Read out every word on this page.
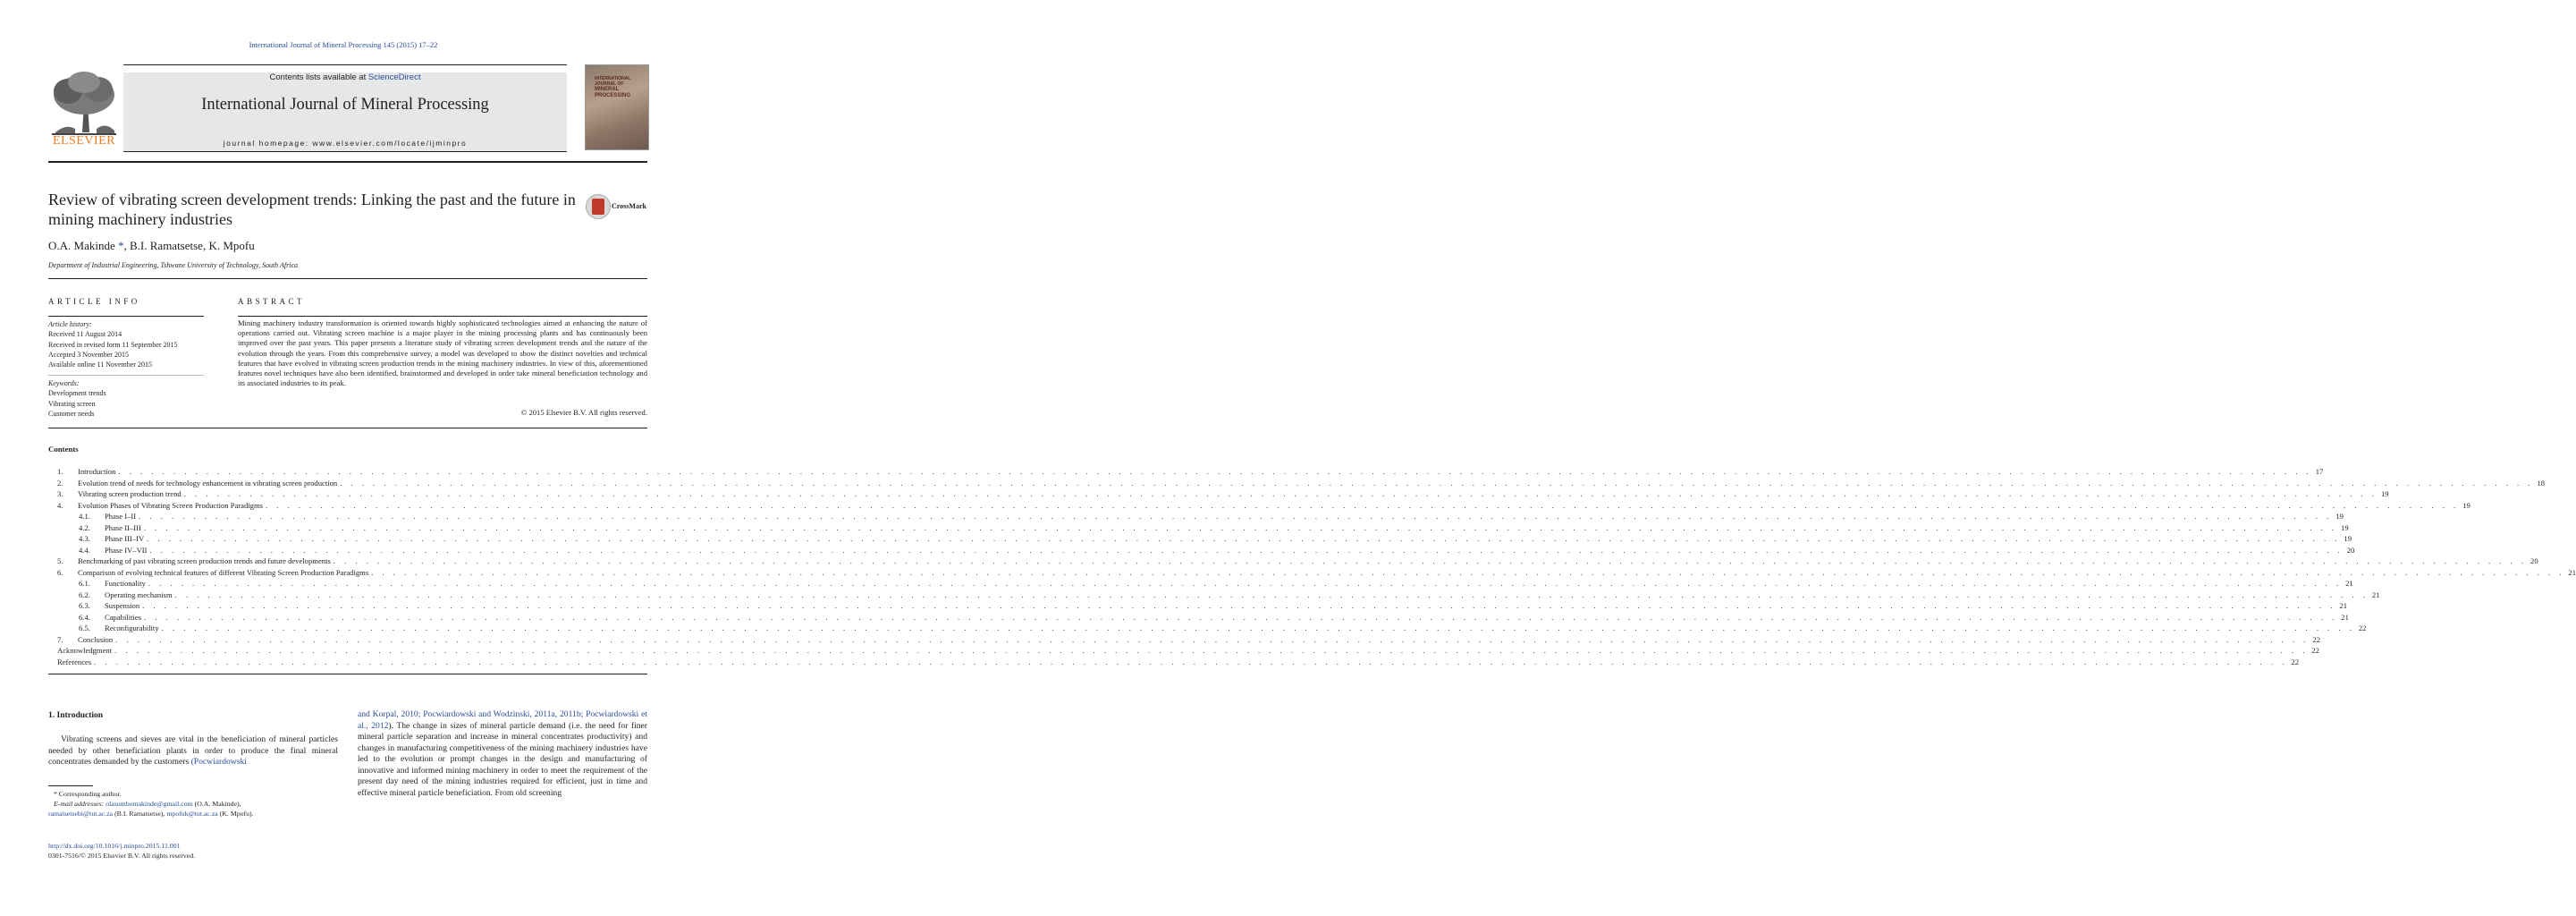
International Journal of Mineral Processing 145 (2015) 17–22
ELSEVIER
Contents lists available at ScienceDirect
International Journal of Mineral Processing
journal homepage: www.elsevier.com/locate/ijminpro
INTERNATIONAL JOURNAL OF
MINERAL
PROCESSING
Review of vibrating screen development trends: Linking the past and the future in mining machinery industries
CrossMark
O.A. Makinde *, B.I. Ramatsetse, K. Mpofu
Department of Industrial Engineering, Tshwane University of Technology, South Africa
ARTICLE INFO	ABSTRACT
Article history:
Received 11 August 2014
Received in revised form 11 September 2015
Accepted 3 November 2015
Available online 11 November 2015
Keywords:
Development trends
Vibrating screen
Customer needs
Mining machinery industry transformation is oriented towards highly sophisticated technologies aimed at enhancing the nature of operations carried out. Vibrating screen machine is a major player in the mining processing plants and has continuously been improved over the past years. This paper presents a literature study of vibrating screen development trends and the nature of the evolution through the years. From this comprehensive survey, a model was developed to show the distinct novelties and technical features that have evolved in vibrating screen production trends in the mining machinery industries. In view of this, aforementioned features novel techniques have also been identified, brainstormed and developed in order take mineral beneficiation technology and its associated industries to its peak.
© 2015 Elsevier B.V. All rights reserved.
Contents
1. Introduction . . . . . . . . . . . . . . . . . . . . . . . . . . . . . . . . . . . . . . . . . . . . . . . . . . . . . . . . . . . . . . . . . . . . . . . . . . . . . . . . . . . . . . . . . . . . . . . . . . . . . . . . . . . . . . . . . . . . . . . . . . . . . . . . . . . . . . . . . . . . . . . . . . . . . . . . . . . . . . . . . . . . . . . . . . . . . . . . . . . . . . . . . . . . . . . . . . . . . . . . 17
2. Evolution trend of needs for technology enhancement in vibrating screen production . . . . . . . . . . . . . . . . . . . . . . . . . . . . . . . . . . . . . . . . . . . . . . . . . . . . . . . . . . . . . . . . . . . . . . . . . . . . . . . . . . . . . . . . . . . . . . . . . . . . . . . . . . . . . . . . . . . . . . . . . . . . . . . . . . . . . . . . . . . . . . . . . . . . . . . . . . . . . . . . . . . . . . . . . . . . . . . . . . . . . . . . . . . . . . . . . . . . . . . . 18
3. Vibrating screen production trend . . . . . . . . . . . . . . . . . . . . . . . . . . . . . . . . . . . . . . . . . . . . . . . . . . . . . . . . . . . . . . . . . . . . . . . . . . . . . . . . . . . . . . . . . . . . . . . . . . . . . . . . . . . . . . . . . . . . . . . . . . . . . . . . . . . . . . . . . . . . . . . . . . . . . . . . . . . . . . . . . . . . . . . . . . . . . . . . . . . . . . . . . . . . . . . . . . . . . . . . 19
4. Evolution Phases of Vibrating Screen Production Paradigms . . . . . . . . . . . . . . . . . . . . . . . . . . . . . . . . . . . . . . . . . . . . . . . . . . . . . . . . . . . . . . . . . . . . . . . . . . . . . . . . . . . . . . . . . . . . . . . . . . . . . . . . . . . . . . . . . . . . . . . . . . . . . . . . . . . . . . . . . . . . . . . . . . . . . . . . . . . . . . . . . . . . . . . . . . . . . . . . . . . . . . . . . . . . . . . . . . . . . . . . 19
4.1. Phase I–II . . . . . . . . . . . . . . . . . . . . . . . . . . . . . . . . . . . . . . . . . . . . . . . . . . . . . . . . . . . . . . . . . . . . . . . . . . . . . . . . . . . . . . . . . . . . . . . . . . . . . . . . . . . . . . . . . . . . . . . . . . . . . . . . . . . . . . . . . . . . . . . . . . . . . . . . . . . . . . . . . . . . . . . . . . . . . . . . . . . . . . . . . . . . . . . . . . . . . . . . 19
4.2. Phase II–III . . . . . . . . . . . . . . . . . . . . . . . . . . . . . . . . . . . . . . . . . . . . . . . . . . . . . . . . . . . . . . . . . . . . . . . . . . . . . . . . . . . . . . . . . . . . . . . . . . . . . . . . . . . . . . . . . . . . . . . . . . . . . . . . . . . . . . . . . . . . . . . . . . . . . . . . . . . . . . . . . . . . . . . . . . . . . . . . . . . . . . . . . . . . . . . . . . . . . . . . 19
4.3. Phase III–IV . . . . . . . . . . . . . . . . . . . . . . . . . . . . . . . . . . . . . . . . . . . . . . . . . . . . . . . . . . . . . . . . . . . . . . . . . . . . . . . . . . . . . . . . . . . . . . . . . . . . . . . . . . . . . . . . . . . . . . . . . . . . . . . . . . . . . . . . . . . . . . . . . . . . . . . . . . . . . . . . . . . . . . . . . . . . . . . . . . . . . . . . . . . . . . . . . . . . . . . . 19
4.4. Phase IV–VII . . . . . . . . . . . . . . . . . . . . . . . . . . . . . . . . . . . . . . . . . . . . . . . . . . . . . . . . . . . . . . . . . . . . . . . . . . . . . . . . . . . . . . . . . . . . . . . . . . . . . . . . . . . . . . . . . . . . . . . . . . . . . . . . . . . . . . . . . . . . . . . . . . . . . . . . . . . . . . . . . . . . . . . . . . . . . . . . . . . . . . . . . . . . . . . . . . . . . . . . 20
5. Benchmarking of past vibrating screen production trends and future developments . . . . . . . . . . . . . . . . . . . . . . . . . . . . . . . . . . . . . . . . . . . . . . . . . . . . . . . . . . . . . . . . . . . . . . . . . . . . . . . . . . . . . . . . . . . . . . . . . . . . . . . . . . . . . . . . . . . . . . . . . . . . . . . . . . . . . . . . . . . . . . . . . . . . . . . . . . . . . . . . . . . . . . . . . . . . . . . . . . . . . . . . . . . . . . . . . . . . . . . . 20
6. Comparison of evolving technical features of different Vibrating Screen Production Paradigms . . . . . . . . . . . . . . . . . . . . . . . . . . . . . . . . . . . . . . . . . . . . . . . . . . . . . . . . . . . . . . . . . . . . . . . . . . . . . . . . . . . . . . . . . . . . . . . . . . . . . . . . . . . . . . . . . . . . . . . . . . . . . . . . . . . . . . . . . . . . . . . . . . . . . . . . . . . . . . . . . . . . . . . . . . . . . . . . . . . . . . . . . . . . . . . . . . . . . . . . 21
6.1. Functionality . . . . . . . . . . . . . . . . . . . . . . . . . . . . . . . . . . . . . . . . . . . . . . . . . . . . . . . . . . . . . . . . . . . . . . . . . . . . . . . . . . . . . . . . . . . . . . . . . . . . . . . . . . . . . . . . . . . . . . . . . . . . . . . . . . . . . . . . . . . . . . . . . . . . . . . . . . . . . . . . . . . . . . . . . . . . . . . . . . . . . . . . . . . . . . . . . . . . . . . . 21
6.2. Operating mechanism . . . . . . . . . . . . . . . . . . . . . . . . . . . . . . . . . . . . . . . . . . . . . . . . . . . . . . . . . . . . . . . . . . . . . . . . . . . . . . . . . . . . . . . . . . . . . . . . . . . . . . . . . . . . . . . . . . . . . . . . . . . . . . . . . . . . . . . . . . . . . . . . . . . . . . . . . . . . . . . . . . . . . . . . . . . . . . . . . . . . . . . . . . . . . . . . . . . . . . . . 21
6.3. Suspension . . . . . . . . . . . . . . . . . . . . . . . . . . . . . . . . . . . . . . . . . . . . . . . . . . . . . . . . . . . . . . . . . . . . . . . . . . . . . . . . . . . . . . . . . . . . . . . . . . . . . . . . . . . . . . . . . . . . . . . . . . . . . . . . . . . . . . . . . . . . . . . . . . . . . . . . . . . . . . . . . . . . . . . . . . . . . . . . . . . . . . . . . . . . . . . . . . . . . . . . 21
6.4. Capabilities . . . . . . . . . . . . . . . . . . . . . . . . . . . . . . . . . . . . . . . . . . . . . . . . . . . . . . . . . . . . . . . . . . . . . . . . . . . . . . . . . . . . . . . . . . . . . . . . . . . . . . . . . . . . . . . . . . . . . . . . . . . . . . . . . . . . . . . . . . . . . . . . . . . . . . . . . . . . . . . . . . . . . . . . . . . . . . . . . . . . . . . . . . . . . . . . . . . . . . . . 21
6.5. Reconfigurability . . . . . . . . . . . . . . . . . . . . . . . . . . . . . . . . . . . . . . . . . . . . . . . . . . . . . . . . . . . . . . . . . . . . . . . . . . . . . . . . . . . . . . . . . . . . . . . . . . . . . . . . . . . . . . . . . . . . . . . . . . . . . . . . . . . . . . . . . . . . . . . . . . . . . . . . . . . . . . . . . . . . . . . . . . . . . . . . . . . . . . . . . . . . . . . . . . . . . . . . 22
7. Conclusion . . . . . . . . . . . . . . . . . . . . . . . . . . . . . . . . . . . . . . . . . . . . . . . . . . . . . . . . . . . . . . . . . . . . . . . . . . . . . . . . . . . . . . . . . . . . . . . . . . . . . . . . . . . . . . . . . . . . . . . . . . . . . . . . . . . . . . . . . . . . . . . . . . . . . . . . . . . . . . . . . . . . . . . . . . . . . . . . . . . . . . . . . . . . . . . . . . . . . . . . 22
Acknowledgment . . . . . . . . . . . . . . . . . . . . . . . . . . . . . . . . . . . . . . . . . . . . . . . . . . . . . . . . . . . . . . . . . . . . . . . . . . . . . . . . . . . . . . . . . . . . . . . . . . . . . . . . . . . . . . . . . . . . . . . . . . . . . . . . . . . . . . . . . . . . . . . . . . . . . . . . . . . . . . . . . . . . . . . . . . . . . . . . . . . . . . . . . . . . . . . . . . . . . . . . 22
References . . . . . . . . . . . . . . . . . . . . . . . . . . . . . . . . . . . . . . . . . . . . . . . . . . . . . . . . . . . . . . . . . . . . . . . . . . . . . . . . . . . . . . . . . . . . . . . . . . . . . . . . . . . . . . . . . . . . . . . . . . . . . . . . . . . . . . . . . . . . . . . . . . . . . . . . . . . . . . . . . . . . . . . . . . . . . . . . . . . . . . . . . . . . . . . . . . . . . . . . 22
1. Introduction

Vibrating screens and sieves are vital in the beneficiation of mineral particles needed by other beneficiation plants in order to produce the final mineral concentrates demanded by the customers (Pocwiardowski

and Korpal, 2010; Pocwiardowski and Wodzinski, 2011a, 2011b; Pocwiardowski et al., 2012). The change in sizes of mineral particle demand (i.e. the need for finer mineral particle separation and increase in mineral concentrates productivity) and changes in manufacturing competitiveness of the mining machinery industries have led to the evolution or prompt changes in the design and manufacturing of innovative and informed mining machinery in order to meet the requirement of the present day need of the mining industries required for efficient, just in time and effective mineral particle beneficiation. From old screening

* Corresponding author.
E-mail addresses: olasumbomakinde@gmail.com (O.A. Makinde),
ramatsetsebi@tut.ac.za (B.I. Ramatsetse), mpofuk@tut.ac.za (K. Mpofu).
http://dx.doi.org/10.1016/j.minpro.2015.11.001
0301-7516/© 2015 Elsevier B.V. All rights reserved.
